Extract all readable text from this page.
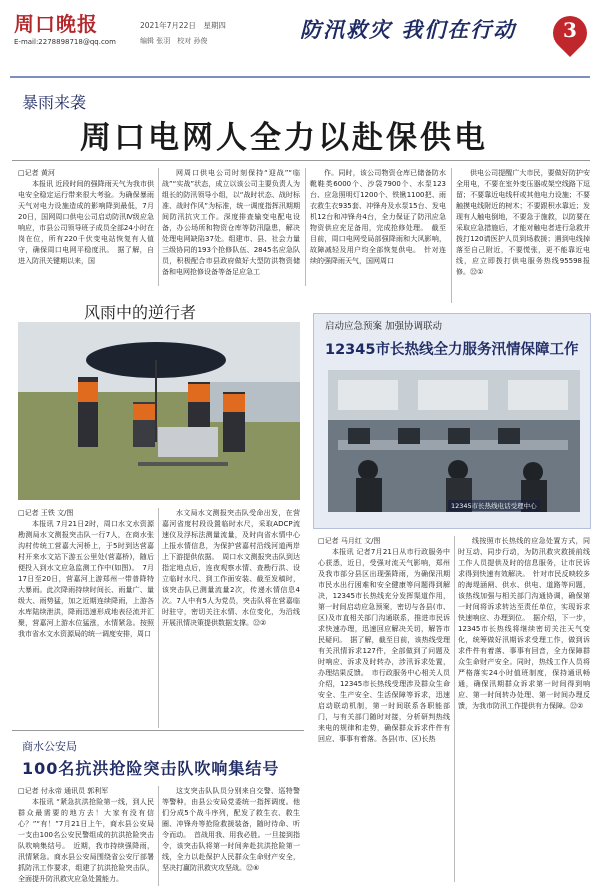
周口晚报
E-mail:2278898718@qq.com
2021年7月22日　星期四
编辑 张羽　校对 孙俊	防汛救灾 我们在行动	3
暴雨来袭
周口电网人全力以赴保供电
□记者 黄河

本报讯 近段时间的强降雨天气为我市供电安全稳定运行带来很大考验。为确保暴雨天气对电力设施造成的影响降到最低，7月20日，国网周口供电公司启动防汛Ⅳ级应急响应，市县公司领导班子成员全部24小时在岗在位，所有220千伏变电站恢复有人值守，确保周口电网平稳度汛。　据了解，自进入防汛关键期以来，国

网周口供电公司时刻保持“迎战”“临战”“实战”状态，成立以该公司主要负责人为组长的防汛领导小组，以“战时状态、战时标准、战时作风”为标准，统一调度指挥汛期期间防汛抗灾工作。深度排查输变电配电设备，办公场所和物资仓库等防汛隐患，解决处理电网缺陷37处。组建市、县、社会力量三级协同的193个抢修队伍、2845名应急队员，积极配合市县政府做好大型防洪物资储备和电网抢修设备等备足应急工

作。同时，该公司物资仓库已储备防水靴鞋类6000个、沙袋7900个、水泵123台、应急照明灯1200个、铁锹1100把、雨衣救生衣935套、冲锋舟及水泵15台、发电机12台和冲锋舟4台，全力保证了防汛应急物资供应充足备用，完成抢修处理。　截至目前，周口电网受局部强降雨和大风影响，故障减轻及用户均全部恢复供电。　针对连续的强降雨天气，国网周口

供电公司提醒广大市民，要做好防护安全用电，不要在室外变压器或架空线路下逗留；不要靠近电线杆或其他电力设施；不要触摸电线附近的树木；不要跟积水靠近；发现有人触电倒地，不要急于施救，以防要在采取应急措施后，才能对触电者进行急救并拨打120请医护人员到场救援；遇到电线掉落至自己附近，不要慌张，更不能靠近电线，应立即拨打供电服务热线95598报修。㉒①

风雨中的逆行者
□记者 王铁 文/图

本报讯 7月21日2时，周口水文水资源勘测局水文测报突击队一行7人，在商水张沟村传统工营嘉大河桥上，于5时到达营嘉村开来水文站下游五公里处(营嘉桥)，随后便投入到水文应急监测工作中(如图)。　7月17日至20日，营嘉河上游郑州一带普降特大暴雨。此次降雨持续时间长、雨量广、量级大、雨势猛，加之近期连续降雨，上游各水库陆续泄洪，降雨迅速形成地表径流并汇聚，营嘉河上游水位猛涨，水情紧急。按照我市省水文水资源局的统一调度安排，周口

水文局水文测报突击队受命出发，在营嘉河省度村段设置临时水尺，采取ADCP流速仪及浮标法测量流量，及时向省水情中心上报水情信息，为保护营嘉村沿线河道两岸上下游提供依据。　周口水文测报突击队到达指定地点后，连夜观察水情、查勘行洪、设立临时水尺、到工作面安装、截至发稿时，该突击队已测量流量2次，传递水情信息4次。7人中有5人为党员，突击队将在营嘉临时驻守，密切关注水情、水位变化，为沿线开展汛情决策提供数据支撑。㉒②

启动应急预案 加强协调联动
12345市长热线全力服务汛情保障工作
12345市长热线电话受理中心
□记者 马月红 文/图

本报讯 记者7月21日从市行政服务中心获悉，近日，受强对流天气影响，郑州及我市部分县区出现强降雨，为确保汛期市民水出行困难和安全健康等问题得到解决，12345市长热线充分发挥渠道作用，第一时间启动应急预案，密切与各县(市、区)及市直相关部门沟通联系，推进市民诉求快速办理，迅速回应解决关切，解答市民疑问。　据了解，截至目前，该热线受理有关汛情诉求127件，全部做到了问题及时响应、诉求及时转办，涉汛诉求处置，办理结果反馈。　市行政服务中心相关人员介绍，12345市长热线受理涉及群众生命安全、生产安全、生活保障等诉求，迅速启动联动机制，第一时间联系各职能部门，与有关部门随时对接，分析研判热线来电的规律和走势，确保群众诉求件件有回应、事事有着落。各县(市、区)长热

线按照市长热线的应急处置方式，同时互动、同步行动，为防汛救灾救援前线工作人员提供及时的信息服务，让市民诉求得到快速有效解决。　针对市民反映较多的海堤涵闸、供水、供电、道路等问题，该热线加强与相关部门沟通协调，确保第一时间将诉求转达至责任单位，实现诉求快速响应、办理到位。　据介绍，下一步，12345市长热线将继续密切关注天气变化，统筹做好汛期诉求受理工作，做到诉求件件有着落、事事有回音，全力保障群众生命财产安全。同时，热线工作人员将严格落实24小时值班制度，保持通讯畅通，确保汛期群众诉求第一时间得到响应、第一时间转办处理、第一时间办理反馈，为我市防汛工作提供有力保障。㉒②

商水公安局
100名抗洪抢险突击队吹响集结号
□记者 付永帝 通讯员 郭利军

本报讯 “紧急抗洪抢险第一线，到人民群众最需要的地方去！大家有没有信心？”“有！”7月21日上午，商水县公安局一支由100名公安民警组成的抗洪抢险突击队吹响集结号。　近期，我市持续强降雨，汛情紧急。商水县公安局围绕省公安厅部署抓防汛工作要求，组建了抗洪抢险突击队，全面提升防汛救灾应急处置能力。

这支突击队队员分别来自交警、巡特警等警种，由县公安局党委统一指挥调度。他们分成5个战斗序列，配发了救生衣、救生圈、冲锋舟等抢险救援装备，随时待命、听令而动。　首战用我、用我必胜。一旦接到指令，该突击队将第一时间奔赴抗洪抢险第一线，全力以赴保护人民群众生命财产安全，坚决打赢防汛救灾攻坚战。㉒⑥
